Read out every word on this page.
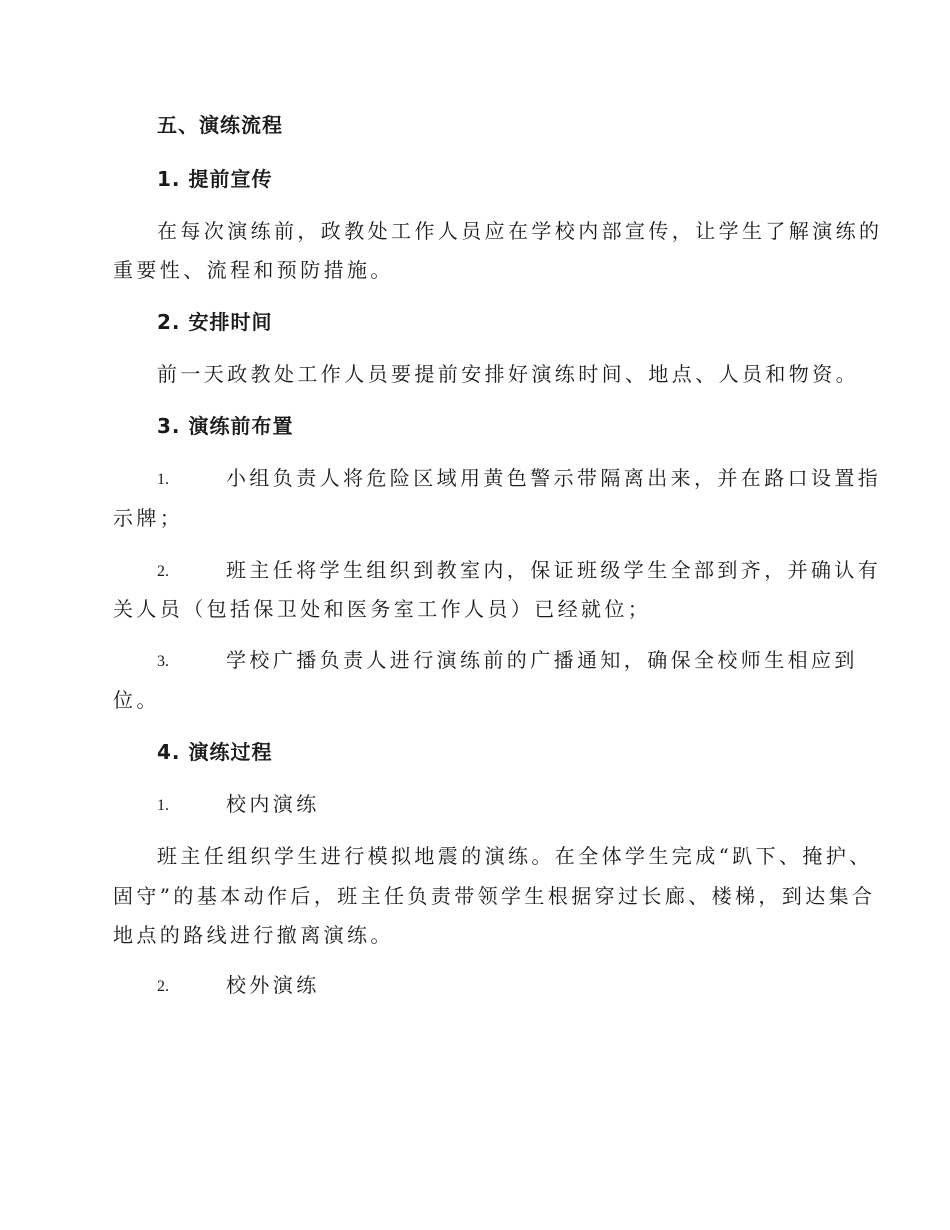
五、演练流程
1. 提前宣传
在每次演练前，政教处工作人员应在学校内部宣传，让学生了解演练的
重要性、流程和预防措施。
2. 安排时间
前一天政教处工作人员要提前安排好演练时间、地点、人员和物资。
3. 演练前布置
1.	小组负责人将危险区域用黄色警示带隔离出来，并在路口设置指
示牌；
2.	班主任将学生组织到教室内，保证班级学生全部到齐，并确认有
关人员（包括保卫处和医务室工作人员）已经就位；
3.	学校广播负责人进行演练前的广播通知，确保全校师生相应到
位。
4. 演练过程
1.	校内演练
班主任组织学生进行模拟地震的演练。在全体学生完成“趴下、掩护、
固守”的基本动作后，班主任负责带领学生根据穿过长廊、楼梯，到达集合
地点的路线进行撤离演练。
2.	校外演练
